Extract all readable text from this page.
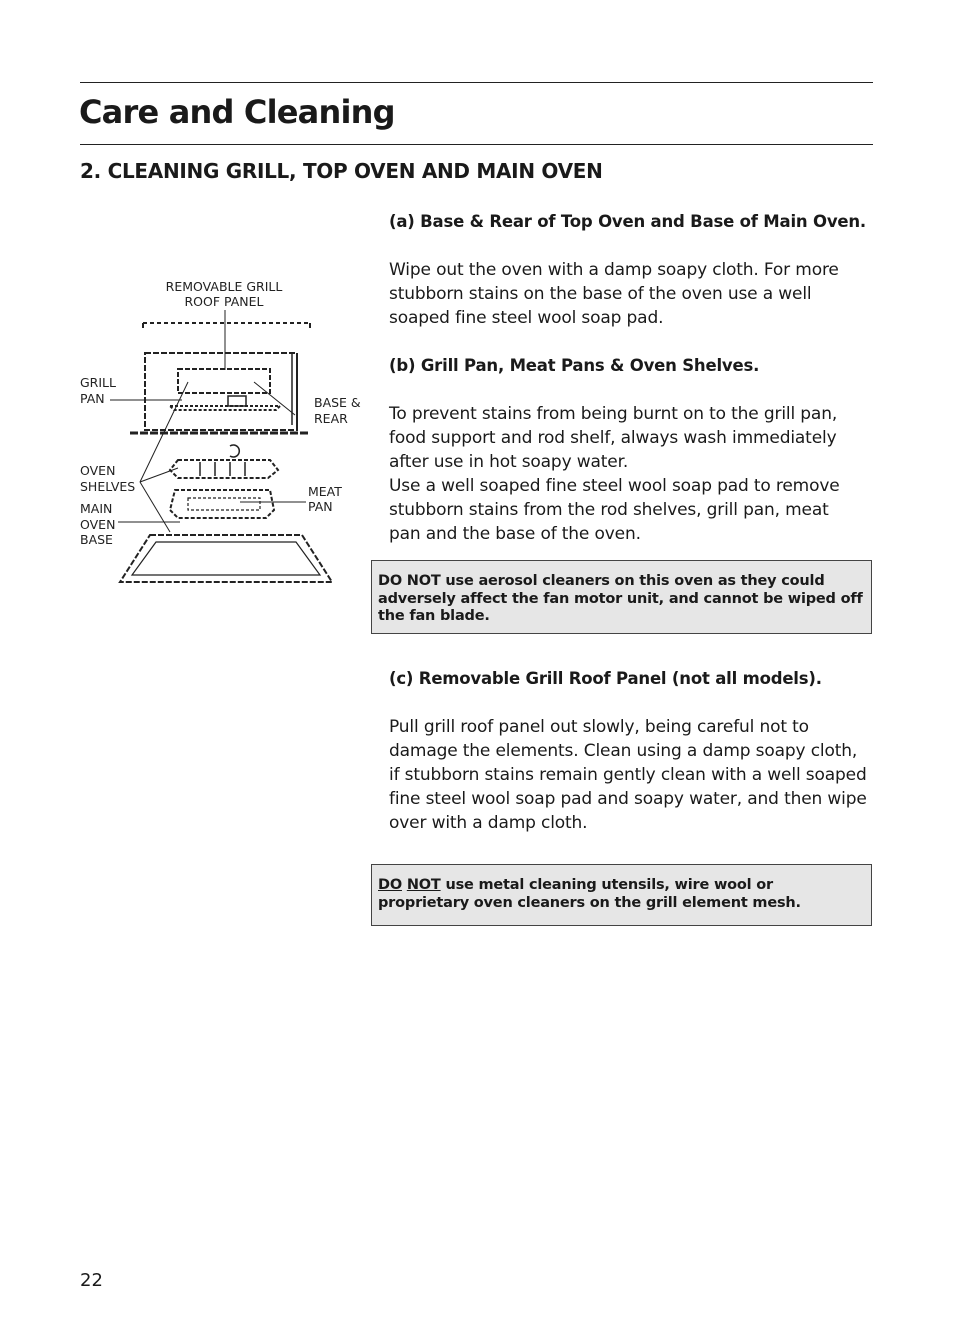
Care and Cleaning
2. CLEANING GRILL, TOP OVEN AND MAIN OVEN
REMOVABLE GRILL
ROOF PANEL
GRILL
PAN	BASE &
REAR
OVEN
SHELVES	MEAT
PAN
MAIN
OVEN
BASE
(a) Base & Rear of Top Oven and Base of Main Oven.

Wipe out the oven with a damp soapy cloth. For more
stubborn stains on the base of the oven use a well
soaped fine steel wool soap pad.

(b) Grill Pan, Meat Pans & Oven Shelves.

To prevent stains from being burnt on to the grill pan,
food support and rod shelf, always wash immediately
after use in hot soapy water.
Use a well soaped fine steel wool soap pad to remove
stubborn stains from the rod shelves, grill pan, meat
pan and the base of the oven.

DO NOT use aerosol cleaners on this oven as they could
adversely affect the fan motor unit, and cannot be wiped off
the fan blade.
(c) Removable Grill Roof Panel (not all models).

Pull grill roof panel out slowly, being careful not to
damage the elements. Clean using a damp soapy cloth,
if stubborn stains remain gently clean with a well soaped
fine steel wool soap pad and soapy water, and then wipe
over with a damp cloth.

DO NOT use metal cleaning utensils, wire wool or
proprietary oven cleaners on the grill element mesh.
22
